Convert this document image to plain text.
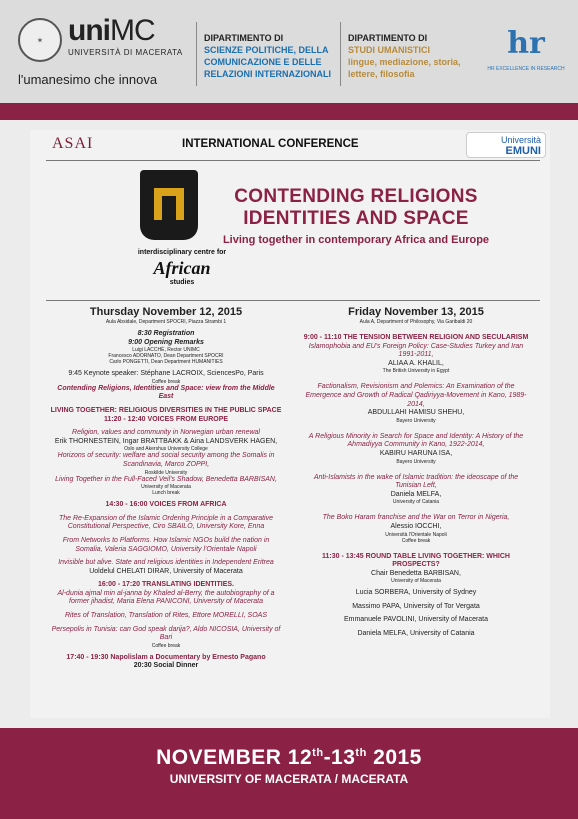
✶ uniMC
UNIVERSITÀ DI MACERATA
l'umanesimo che innova
DIPARTIMENTO DI
SCIENZE POLITICHE, DELLA COMUNICAZIONE E DELLE RELAZIONI INTERNAZIONALI
DIPARTIMENTO DI
STUDI UMANISTICI
lingue, mediazione, storia, lettere, filosofia
hr
HR EXCELLENCE IN RESEARCH
ASAI	INTERNATIONAL CONFERENCE	Università
EMUNI
interdisciplinary centre for
African
studies
CONTENDING RELIGIONS IDENTITIES AND SPACE
Living together in contemporary Africa and Europe
Thursday November 12, 2015
Aula Absidale, Department SPOCRI, Piazza Strambi 1
8:30 Registration
9:00 Opening Remarks
Luigi LACCHÈ, Rector UNIMC
Francesco ADORNATO, Dean Department SPOCRI
Carlo PONGETTI, Dean Department HUMANITIES
9:45 Keynote speaker: Stéphane LACROIX, SciencesPo, Paris
Coffee break
Contending Religions, Identities and Space: view from the Middle East
LIVING TOGETHER: RELIGIOUS DIVERSITIES IN THE PUBLIC SPACE
11:20 - 12:40 VOICES FROM EUROPE
Religion, values and community in Norwegian urban renewal
Erik THORNESTEIN, Ingar BRATTBAKK & Aina LANDSVERK HAGEN,
Oslo and Akershus University College
Horizons of security: welfare and social security among the Somalis in Scandinavia, Marco ZOPPI,
Roskilde University
Living Together in the Full-Faced Veil's Shadow, Benedetta BARBISAN,
University of Macerata
Lunch break
14:30 - 16:00 VOICES FROM AFRICA
The Re-Expansion of the Islamic Ordering Principle in a Comparative Constitutional Perspective, Ciro SBAILÒ, University Kore, Enna
From Networks to Platforms. How Islamic NGOs build the nation in Somalia, Valeria SAGGIOMO, University l'Orientale Napoli
Invisible but alive. State and religious identities in Independent Eritrea
Uoldelul CHELATI DIRAR, University of Macerata
16:00 - 17:20 TRANSLATING IDENTITIES.
Al-dunia ajmal min al-janna by Khaled al-Berry, the autobiography of a former jihadist, Maria Elena PANICONI, University of Macerata
Rites of Translation, Translation of Rites, Ettore MORELLI, SOAS
Persepolis in Tunisia: can God speak darija?, Aldo NICOSIA, University of Bari
Coffee break
17:40 - 19:30 Napolislam a Documentary by Ernesto Pagano
20:30 Social Dinner
Friday November 13, 2015
Aula A, Department of Philosophy, Via Garibaldi 20
9:00 - 11:10 THE TENSION BETWEEN RELIGION AND SECULARISM
Islamophobia and EU's Foreign Policy: Case-Studies Turkey and Iran 1991-2011,
ALIAA A. KHALIL,
The British University in Egypt
Factionalism, Revisionism and Polemics: An Examination of the Emergence and Growth of Radical Qadiriyya-Movement in Kano, 1989-2014,
ABDULLAHI HAMISU SHEHU,
Bayero University
A Religious Minority in Search for Space and Identity: A History of the Ahmadiyya Community in Kano, 1922-2014,
KABIRU HARUNA ISA,
Bayero University
Anti-Islamists in the wake of Islamic tradition: the ideoscape of the Tunisian Left,
Daniela MELFA,
University of Catania
The Boko Haram franchise and the War on Terror in Nigeria,
Alessio IOCCHI,
Università l'Orientale Napoli
Coffee break
11:30 - 13:45 ROUND TABLE LIVING TOGETHER: WHICH PROSPECTS?
Chair Benedetta BARBISAN,
University of Macerata
Lucia SORBERA, University of Sydney
Massimo PAPA, University of Tor Vergata
Emmanuele PAVOLINI, University of Macerata
Daniela MELFA, University of Catania
NOVEMBER 12th-13th 2015
UNIVERSITY OF MACERATA / MACERATA
